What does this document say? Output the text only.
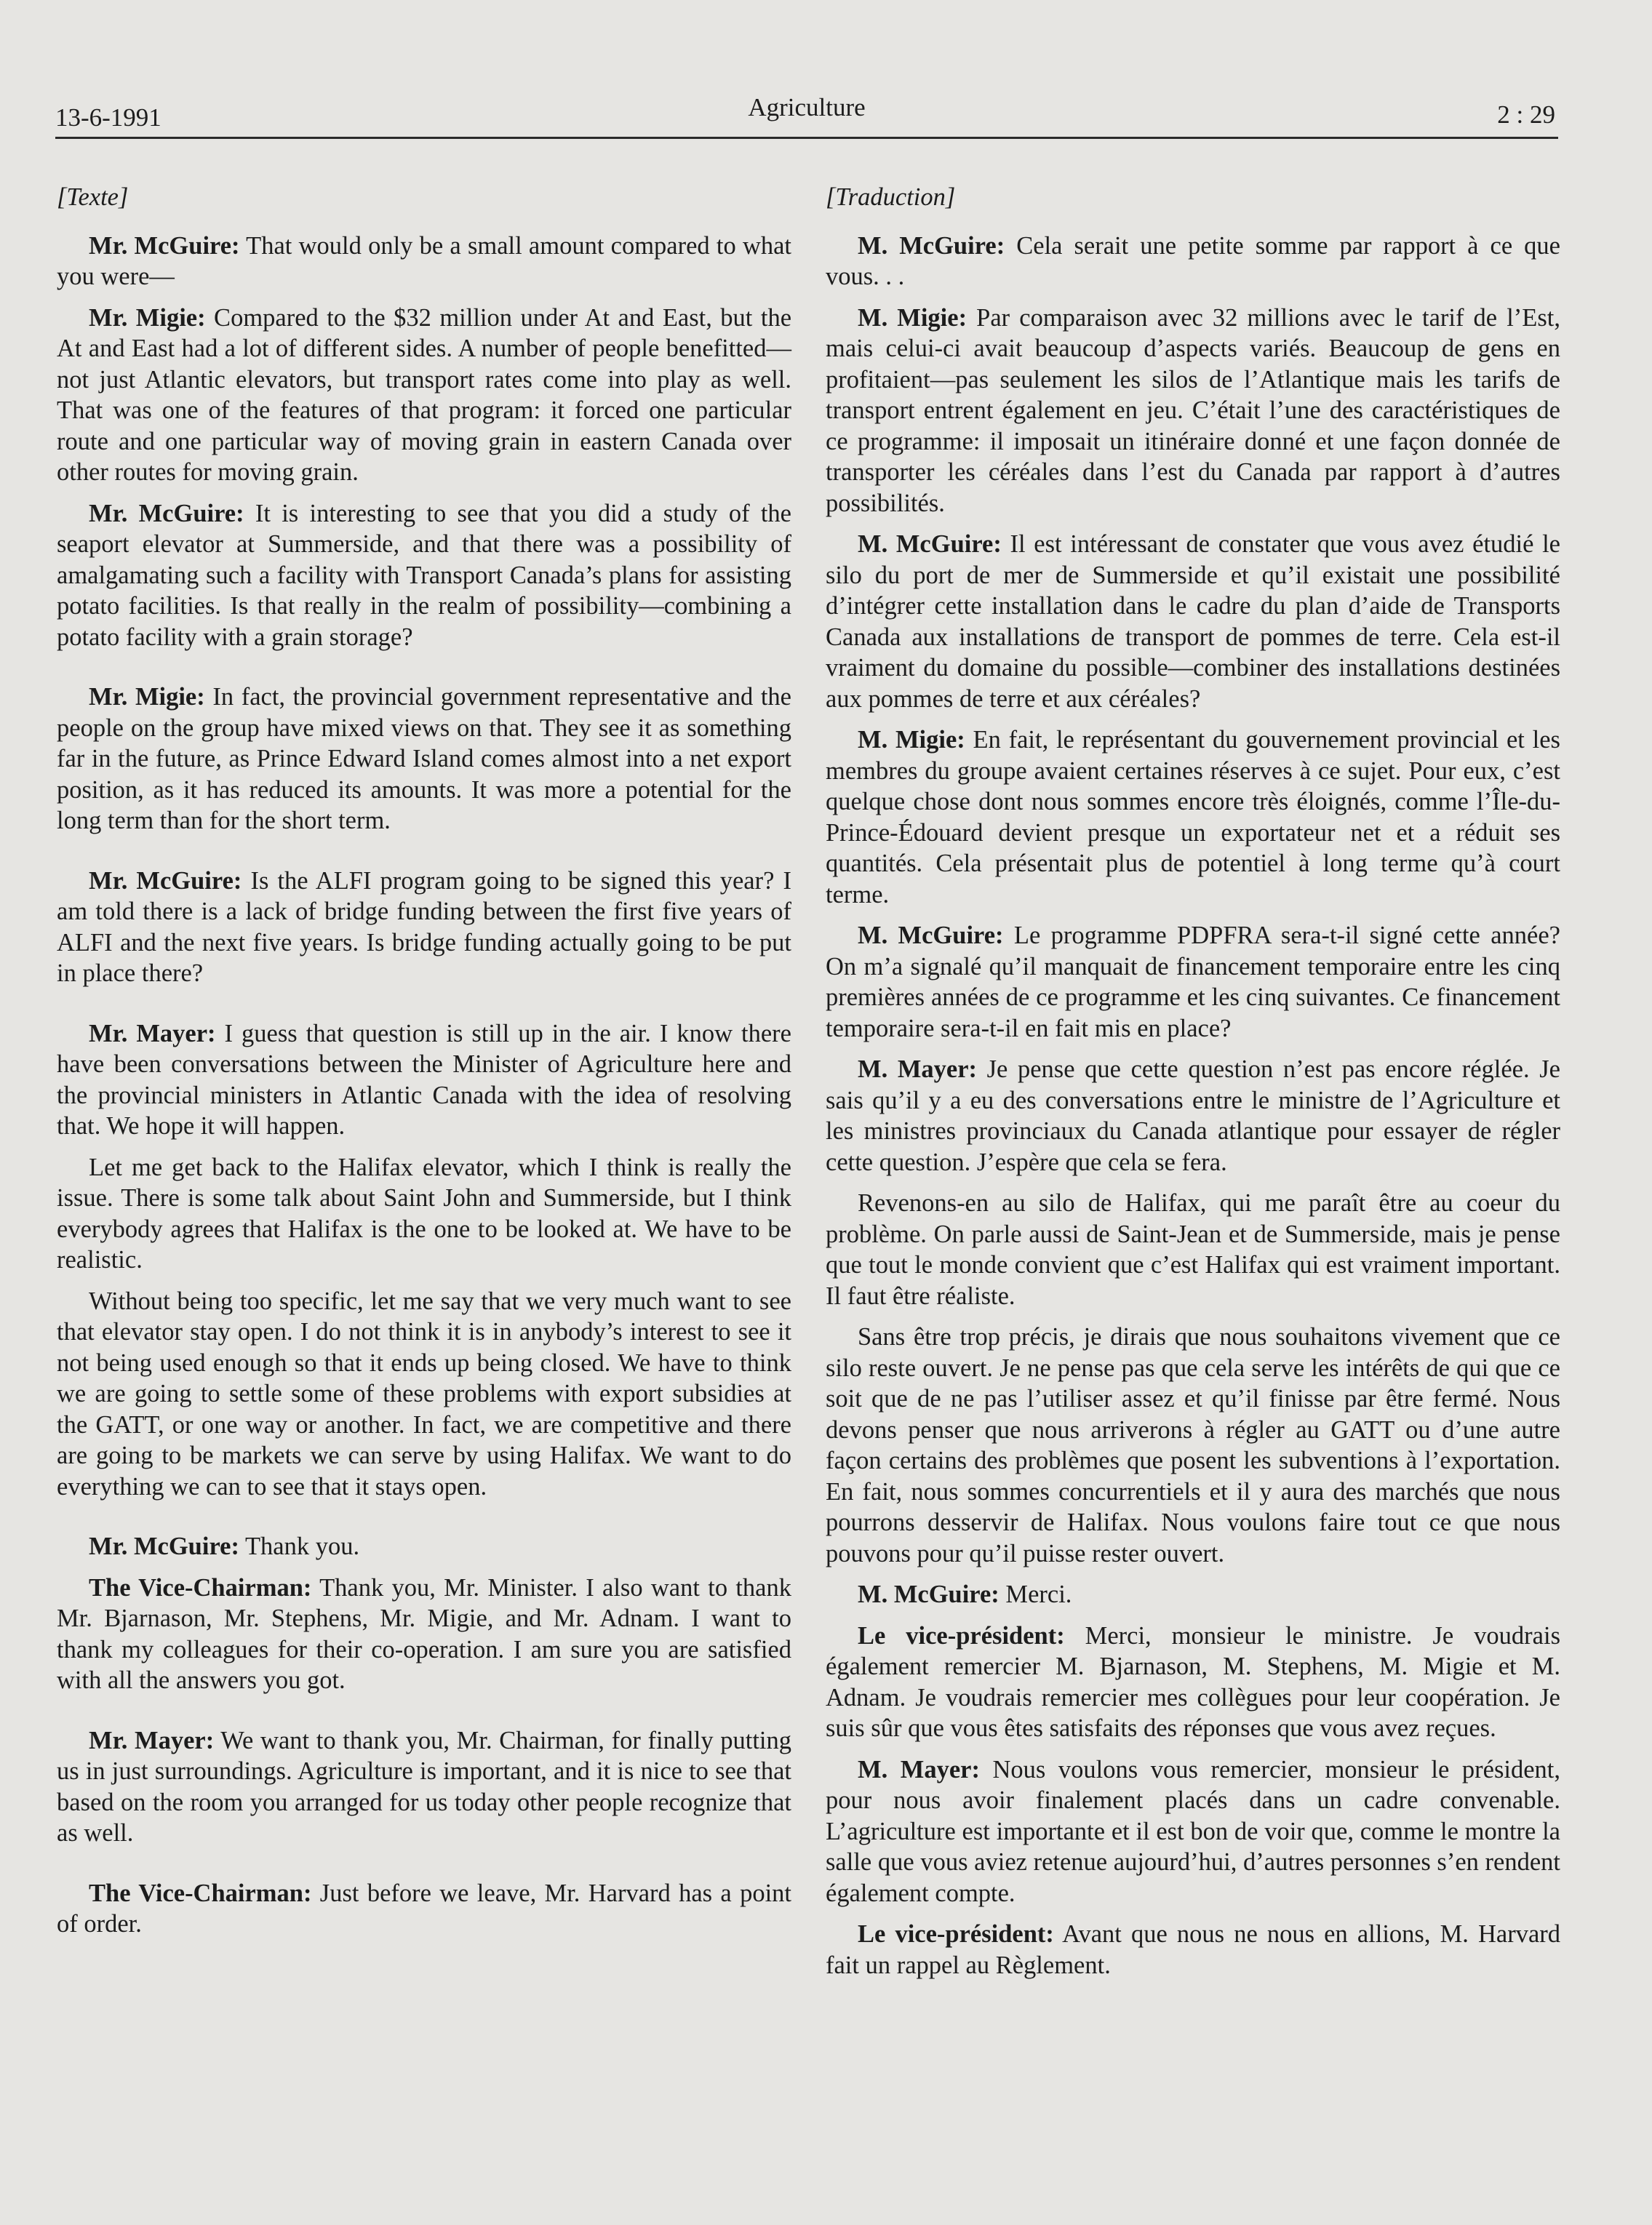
13-6-1991	Agriculture	2 : 29
[Texte]

Mr. McGuire: That would only be a small amount compared to what you were—

Mr. Migie: Compared to the $32 million under At and East, but the At and East had a lot of different sides. A number of people benefitted—not just Atlantic elevators, but transport rates come into play as well. That was one of the features of that program: it forced one particular route and one particular way of moving grain in eastern Canada over other routes for moving grain.

Mr. McGuire: It is interesting to see that you did a study of the seaport elevator at Summerside, and that there was a possibility of amalgamating such a facility with Transport Canada’s plans for assisting potato facilities. Is that really in the realm of possibility—combining a potato facility with a grain storage?

Mr. Migie: In fact, the provincial government representative and the people on the group have mixed views on that. They see it as something far in the future, as Prince Edward Island comes almost into a net export position, as it has reduced its amounts. It was more a potential for the long term than for the short term.

Mr. McGuire: Is the ALFI program going to be signed this year? I am told there is a lack of bridge funding between the first five years of ALFI and the next five years. Is bridge funding actually going to be put in place there?

Mr. Mayer: I guess that question is still up in the air. I know there have been conversations between the Minister of Agriculture here and the provincial ministers in Atlantic Canada with the idea of resolving that. We hope it will happen.

Let me get back to the Halifax elevator, which I think is really the issue. There is some talk about Saint John and Summerside, but I think everybody agrees that Halifax is the one to be looked at. We have to be realistic.

Without being too specific, let me say that we very much want to see that elevator stay open. I do not think it is in anybody’s interest to see it not being used enough so that it ends up being closed. We have to think we are going to settle some of these problems with export subsidies at the GATT, or one way or another. In fact, we are competitive and there are going to be markets we can serve by using Halifax. We want to do everything we can to see that it stays open.

Mr. McGuire: Thank you.

The Vice-Chairman: Thank you, Mr. Minister. I also want to thank Mr. Bjarnason, Mr. Stephens, Mr. Migie, and Mr. Adnam. I want to thank my colleagues for their co-operation. I am sure you are satisfied with all the answers you got.

Mr. Mayer: We want to thank you, Mr. Chairman, for finally putting us in just surroundings. Agriculture is important, and it is nice to see that based on the room you arranged for us today other people recognize that as well.

The Vice-Chairman: Just before we leave, Mr. Harvard has a point of order.

[Traduction]

M. McGuire: Cela serait une petite somme par rapport à ce que vous. . .

M. Migie: Par comparaison avec 32 millions avec le tarif de l’Est, mais celui-ci avait beaucoup d’aspects variés. Beaucoup de gens en profitaient—pas seulement les silos de l’Atlantique mais les tarifs de transport entrent également en jeu. C’était l’une des caractéristiques de ce programme: il imposait un itinéraire donné et une façon donnée de transporter les céréales dans l’est du Canada par rapport à d’autres possibilités.

M. McGuire: Il est intéressant de constater que vous avez étudié le silo du port de mer de Summerside et qu’il existait une possibilité d’intégrer cette installation dans le cadre du plan d’aide de Transports Canada aux installations de transport de pommes de terre. Cela est-il vraiment du domaine du possible—combiner des installations destinées aux pommes de terre et aux céréales?

M. Migie: En fait, le représentant du gouvernement provincial et les membres du groupe avaient certaines réserves à ce sujet. Pour eux, c’est quelque chose dont nous sommes encore très éloignés, comme l’Île-du-Prince-Édouard devient presque un exportateur net et a réduit ses quantités. Cela présentait plus de potentiel à long terme qu’à court terme.

M. McGuire: Le programme PDPFRA sera-t-il signé cette année? On m’a signalé qu’il manquait de financement temporaire entre les cinq premières années de ce programme et les cinq suivantes. Ce financement temporaire sera-t-il en fait mis en place?

M. Mayer: Je pense que cette question n’est pas encore réglée. Je sais qu’il y a eu des conversations entre le ministre de l’Agriculture et les ministres provinciaux du Canada atlantique pour essayer de régler cette question. J’espère que cela se fera.

Revenons-en au silo de Halifax, qui me paraît être au coeur du problème. On parle aussi de Saint-Jean et de Summerside, mais je pense que tout le monde convient que c’est Halifax qui est vraiment important. Il faut être réaliste.

Sans être trop précis, je dirais que nous souhaitons vivement que ce silo reste ouvert. Je ne pense pas que cela serve les intérêts de qui que ce soit que de ne pas l’utiliser assez et qu’il finisse par être fermé. Nous devons penser que nous arriverons à régler au GATT ou d’une autre façon certains des problèmes que posent les subventions à l’exportation. En fait, nous sommes concurrentiels et il y aura des marchés que nous pourrons desservir de Halifax. Nous voulons faire tout ce que nous pouvons pour qu’il puisse rester ouvert.

M. McGuire: Merci.

Le vice-président: Merci, monsieur le ministre. Je voudrais également remercier M. Bjarnason, M. Stephens, M. Migie et M. Adnam. Je voudrais remercier mes collègues pour leur coopération. Je suis sûr que vous êtes satisfaits des réponses que vous avez reçues.

M. Mayer: Nous voulons vous remercier, monsieur le président, pour nous avoir finalement placés dans un cadre convenable. L’agriculture est importante et il est bon de voir que, comme le montre la salle que vous aviez retenue aujourd’hui, d’autres personnes s’en rendent également compte.

Le vice-président: Avant que nous ne nous en allions, M. Harvard fait un rappel au Règlement.
